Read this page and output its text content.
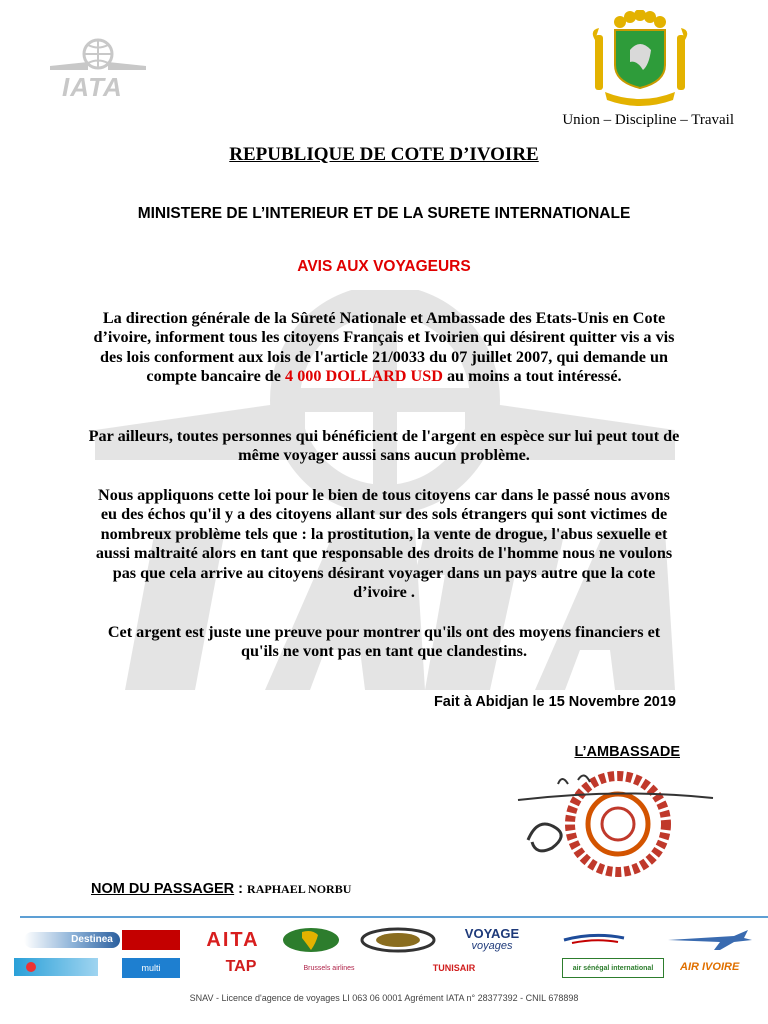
IATA
Union – Discipline – Travail
REPUBLIQUE DE COTE D’IVOIRE
MINISTERE DE L’INTERIEUR ET DE LA SURETE INTERNATIONALE
AVIS AUX VOYAGEURS
La direction générale de la Sûreté Nationale et Ambassade des Etats-Unis en Cote d’ivoire, informent tous les citoyens Français et Ivoirien qui désirent quitter vis a vis des lois conforment aux lois de l'article 21/0033 du 07 juillet 2007, qui demande un compte bancaire de 4 000 DOLLARD USD au moins a tout intéressé.
Par ailleurs, toutes personnes qui bénéficient de l'argent en espèce sur lui peut tout de même voyager aussi sans aucun problème.
Nous appliquons cette loi pour le bien de tous citoyens car dans le passé nous avons eu des échos qu'il y a des citoyens allant sur des sols étrangers qui sont victimes de nombreux problème tels que : la prostitution, la vente de drogue, l'abus sexuelle et aussi maltraité alors en tant que responsable des droits de l'homme nous ne voulons pas que cela arrive au citoyens désirant voyager dans un pays autre que la cote d’ivoire .
Cet argent est juste une preuve pour montrer qu'ils ont des moyens financiers et qu'ils ne vont pas en tant que clandestins.
Fait à Abidjan le 15 Novembre 2019
L’AMBASSADE
NOM DU PASSAGER : RAPHAEL NORBU
Destinea	AITA	VOYAGE
voyages
multi	TAP	Brussels airlines	TUNISAIR	air sénégal international	AIR IVOIRE
SNAV - Licence d'agence de voyages LI 063 06 0001 Agrément IATA n° 28377392 - CNIL 678898
